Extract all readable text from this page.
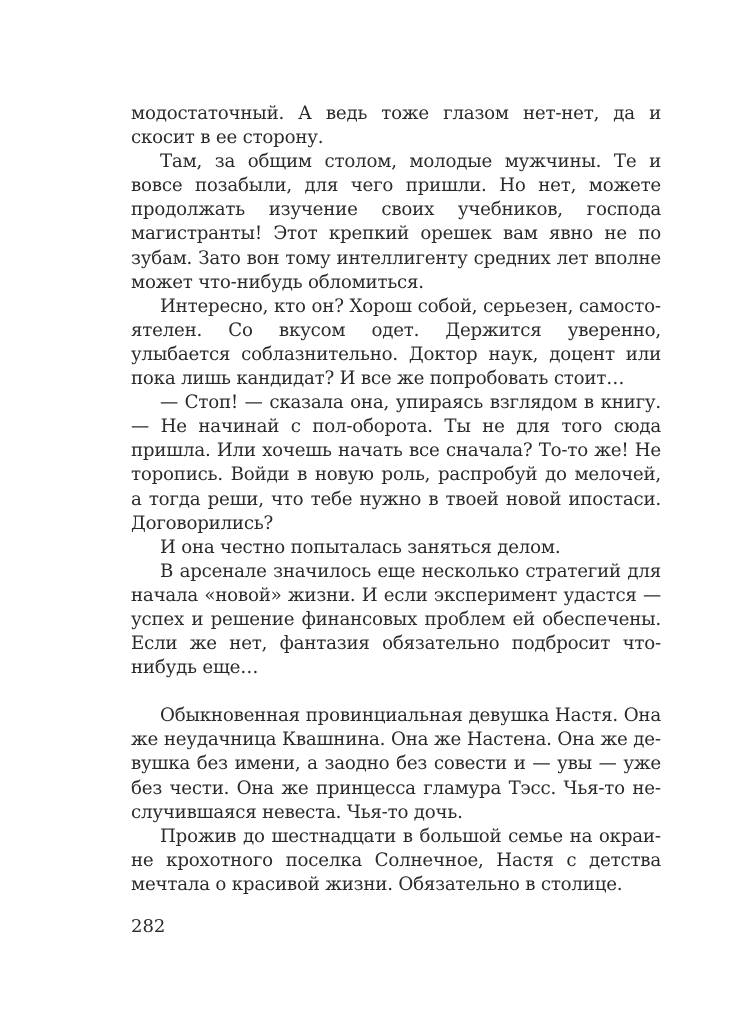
модостаточный. А ведь тоже глазом нет-нет, да и скосит в ее сторону.

Там, за общим столом, молодые мужчины. Те и вовсе позабыли, для чего пришли. Но нет, можете продолжать изучение своих учебников, господа магистранты! Этот крепкий орешек вам явно не по зубам. Зато вон тому интеллигенту средних лет вполне может что-нибудь обломиться.

Интересно, кто он? Хорош собой, серьезен, самостоятелен. Со вкусом одет. Держится уверенно, улыбается соблазнительно. Доктор наук, доцент или пока лишь кандидат? И все же попробовать стоит…

— Стоп! — сказала она, упираясь взглядом в книгу. — Не начинай с пол-оборота. Ты не для того сюда пришла. Или хочешь начать все сначала? То-то же! Не торопись. Войди в новую роль, распробуй до мелочей, а тогда реши, что тебе нужно в твоей новой ипостаси. Договорились?

И она честно попыталась заняться делом.

В арсенале значилось еще несколько стратегий для начала «новой» жизни. И если эксперимент удастся — успех и решение финансовых проблем ей обеспечены. Если же нет, фантазия обязательно подбросит что-нибудь еще…

Обыкновенная провинциальная девушка Настя. Она же неудачница Квашнина. Она же Настена. Она же девушка без имени, а заодно без совести и — увы — уже без чести. Она же принцесса гламура Тэсс. Чья-то неслучившаяся невеста. Чья-то дочь.

Прожив до шестнадцати в большой семье на окраине крохотного поселка Солнечное, Настя с детства мечтала о красивой жизни. Обязательно в столице.

282
